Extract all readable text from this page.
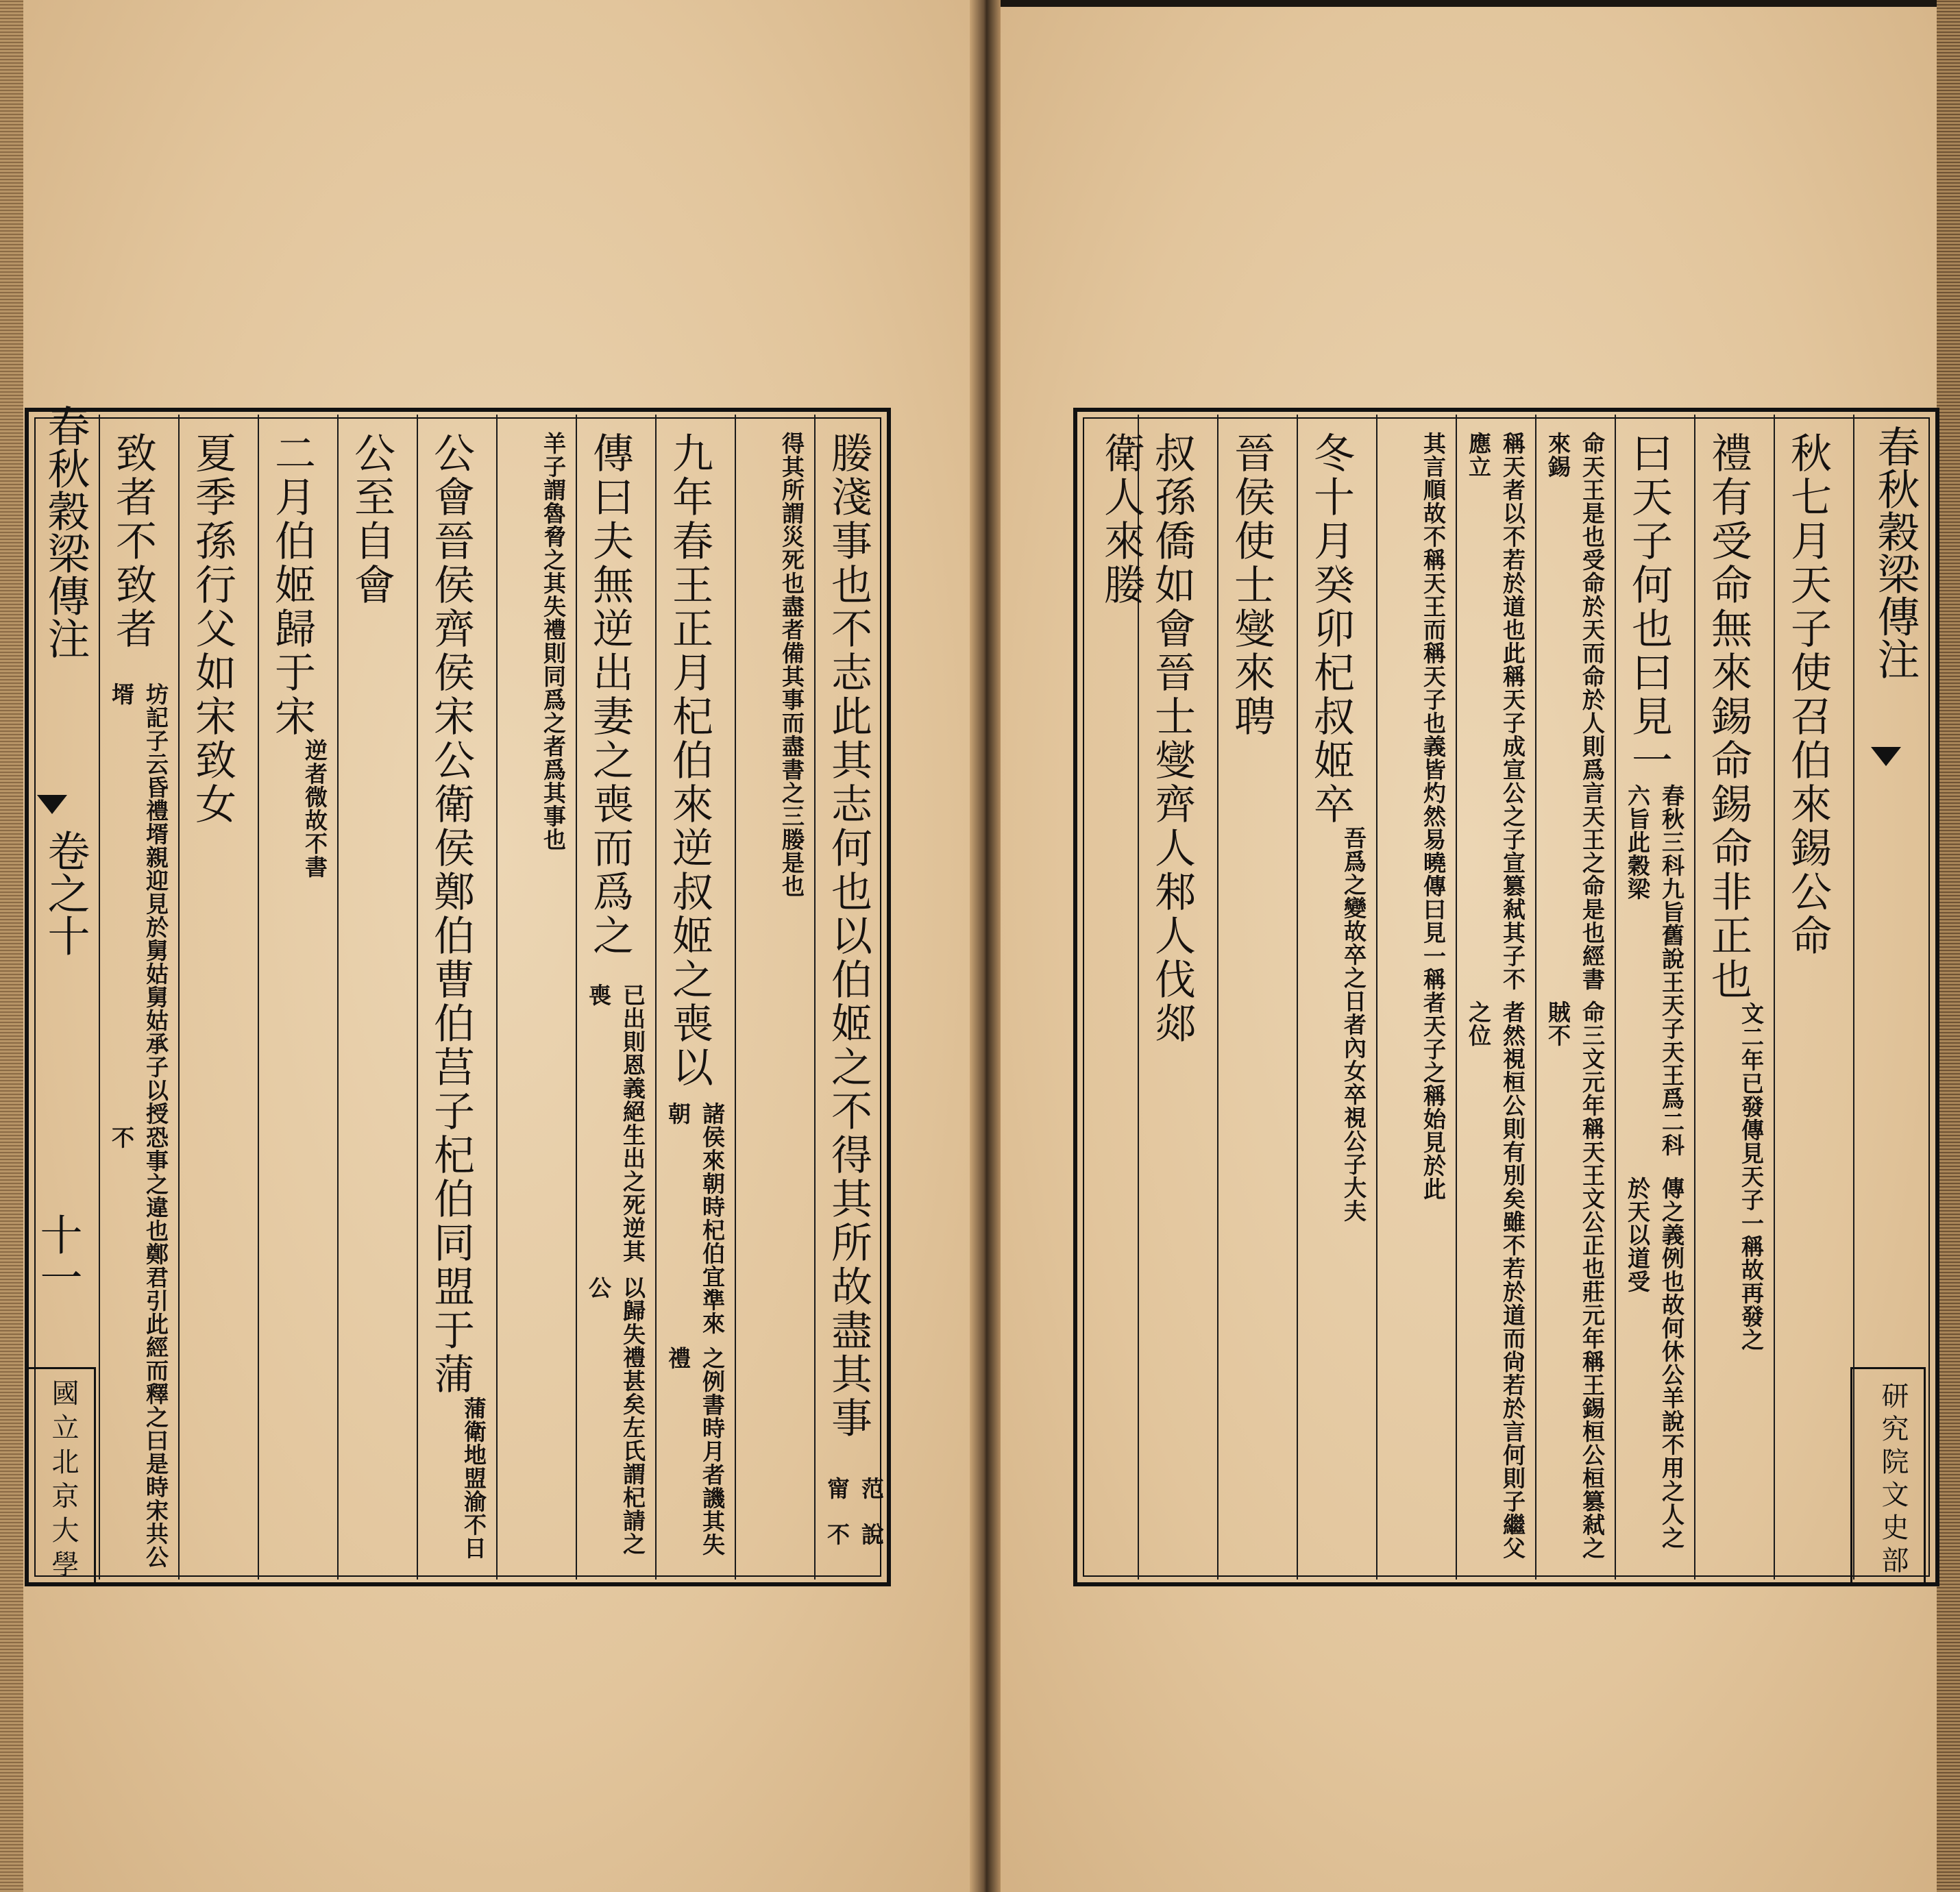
春秋穀梁傳注
卷之十
十一
國立北京大學
春秋穀梁傳注
研究院文史部
媵淺事也不志此其志何也以伯姬之不得其所故盡其事
范甯
說不
得其所謂災死也盡者備
其事而盡書之三媵是也
九年春王正月杞伯來逆叔姬之喪以
諸侯來朝時杞伯宜準來朝
之例書時月者譏其失禮
傳曰夫無逆出妻之喪而爲之
已出則恩義絕生出之死逆其喪
以歸失禮甚矣左氏謂杞請之公
羊子謂魯脅之其失禮
則同爲之者爲其事也
公會晉侯齊侯宋公衛侯鄭伯曹伯莒子杞伯同盟于蒲
蒲衛地盟
渝不日
公至自會
二月伯姬歸于宋
逆者微
故不書
夏季孫行父如宋致女
致者不致者
坊記子云昏禮壻親迎見於舅姑舅姑承子以授壻
恐事之違也鄭君引此經而釋之曰是時宋共公不
秋七月天子使召伯來錫公命
禮有受命無來錫命錫命非正也
文二年已發傳見天
子一稱故再發之
曰天子何也曰見一
春秋三科九旨舊說王天子天王爲二科六旨此穀梁
傳之義例也故何休公羊說不用之人之於天以道受
命天王是也受命於天而命於人則爲言天王之命是也經書來錫
命三文元年稱天王文公正也莊元年稱王錫桓公桓篡弒之賊不
稱天者以不若於道也此稱天子成宣公之子宣篡弒其子不應立
者然視桓公則有別矣雖不若於道而尙若於言何則子繼父之位
其言順故不稱天王而稱天子也義皆灼然
易曉傳曰見一稱者天子之稱始見於此
冬十月癸卯杞叔姬卒
吾爲之變故卒之日者
內女卒視公子大夫
晉侯使士燮來聘
叔孫僑如會晉士燮齊人邾人伐郯
衛人來媵
